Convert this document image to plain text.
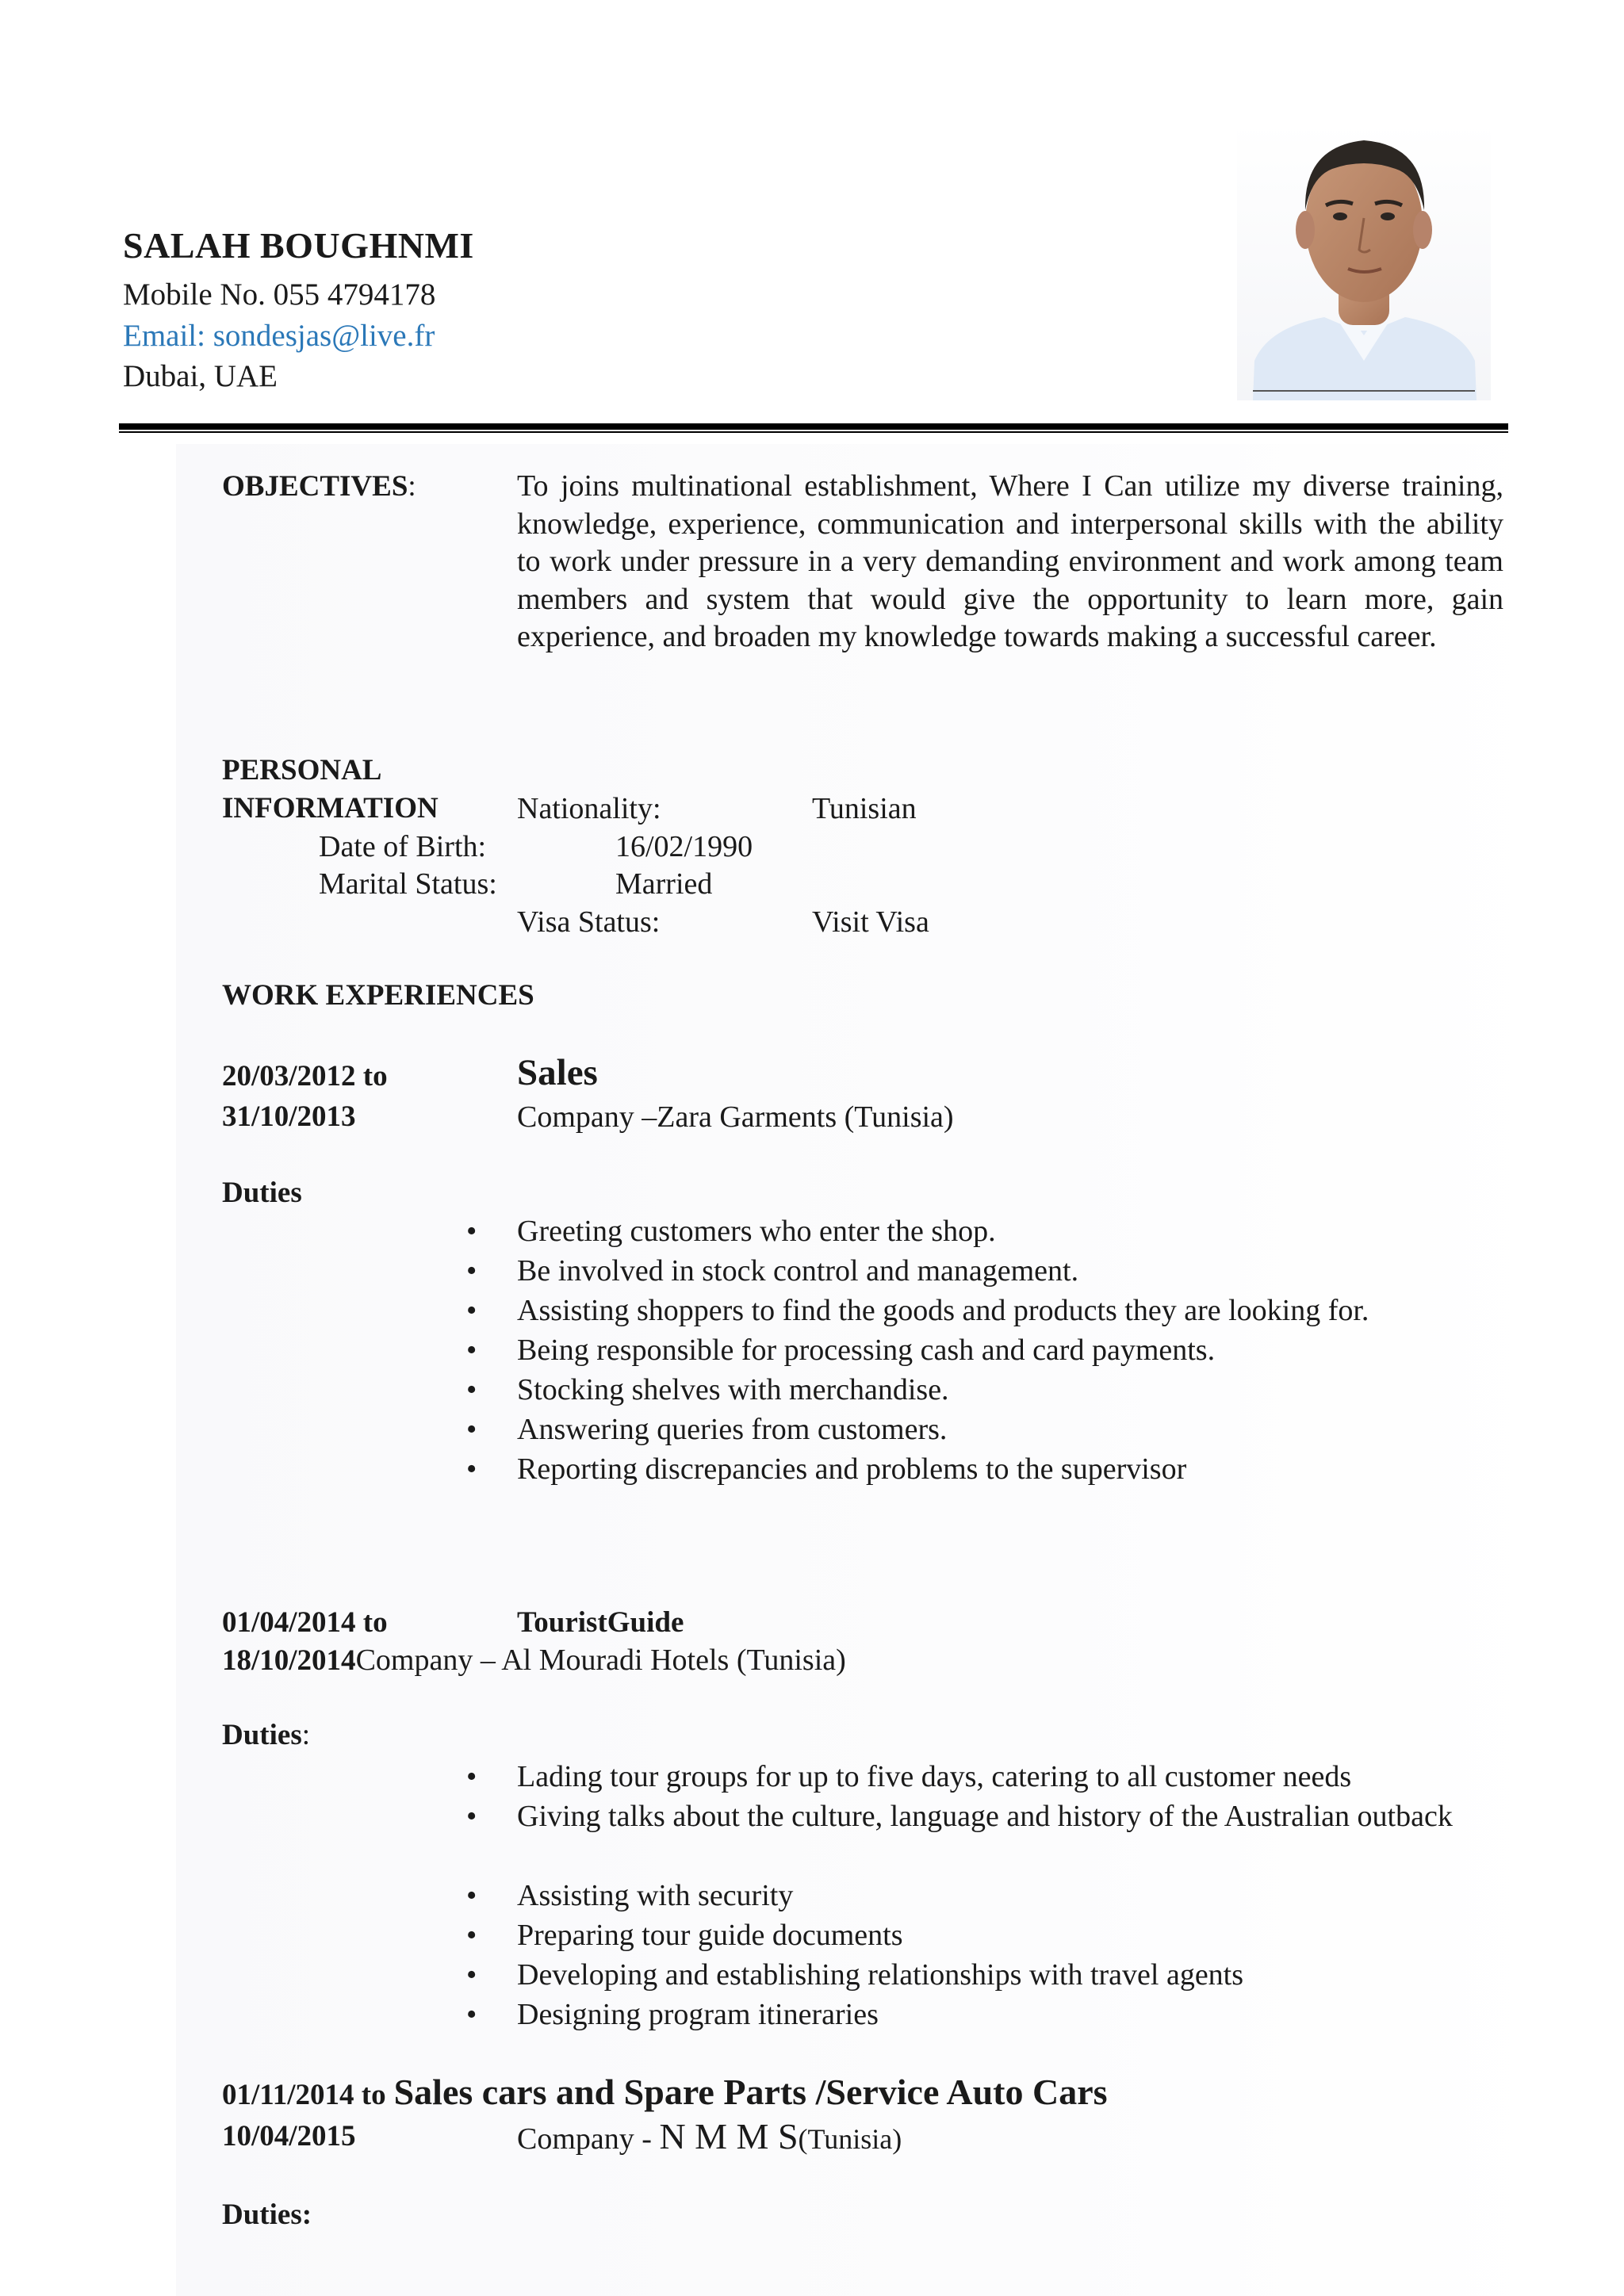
SALAH BOUGHNMI
Mobile No. 055 4794178
Email: sondesjas@live.fr
Dubai, UAE
OBJECTIVES:	To joins multinational establishment, Where I Can utilize my diverse training, knowledge, experience, communication and interpersonal skills with the ability to work under pressure in a very demanding environment and work among team members and system that would give the opportunity to learn more, gain experience, and broaden my knowledge towards making a successful career.
PERSONAL
INFORMATION	Nationality:	Tunisian
Date of Birth:	16/02/1990
Marital Status:	Married
Visa Status:	Visit Visa
WORK EXPERIENCES
20/03/2012 to	Sales
31/10/2013	Company –Zara Garments (Tunisia)
Duties
Greeting customers who enter the shop.
Be involved in stock control and management.
Assisting shoppers to find the goods and products they are looking for.
Being responsible for processing cash and card payments.
Stocking shelves with merchandise.
Answering queries from customers.
Reporting discrepancies and problems to the supervisor
01/04/2014 to	TouristGuide
18/10/2014Company – Al Mouradi Hotels (Tunisia)
Duties:
Lading tour groups for up to five days, catering to all customer needs
Giving talks about the culture, language and history of the Australian outback
Assisting with security
Preparing tour guide documents
Developing and establishing relationships with travel agents
Designing program itineraries
01/11/2014 to Sales cars and Spare Parts /Service Auto Cars
10/04/2015	Company - N M M S(Tunisia)
Duties:
